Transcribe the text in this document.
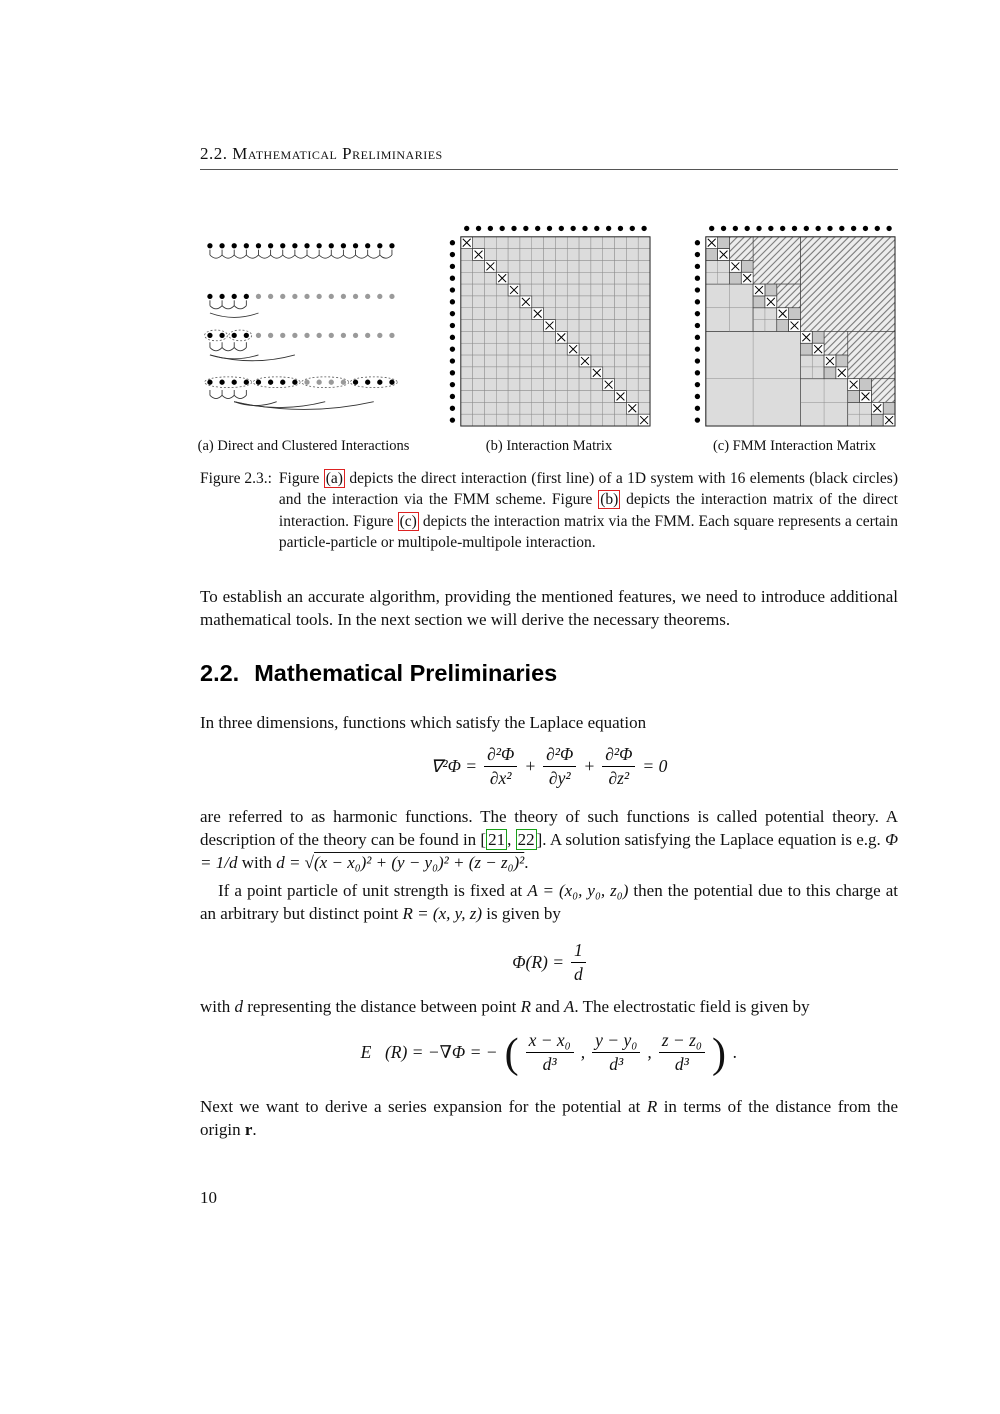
2.2. Mathematical Preliminaries
(a) Direct and Clustered Interactions	(b) Interaction Matrix	(c) FMM Interaction Matrix
Figure 2.3.: Figure (a) depicts the direct interaction (first line) of a 1D system with 16 elements (black circles) and the interaction via the FMM scheme. Figure (b) depicts the interaction matrix of the direct interaction. Figure (c) depicts the interaction matrix via the FMM. Each square represents a certain particle-particle or multipole-multipole interaction.

To establish an accurate algorithm, providing the mentioned features, we need to introduce additional mathematical tools. In the next section we will derive the necessary theorems.

2.2. Mathematical Preliminaries

In three dimensions, functions which satisfy the Laplace equation

$\nabla^2\Phi = \frac{\text{∂²Φ}}{\text{∂x²}} + \frac{\text{∂²Φ}}{\text{∂y²}} + \frac{\text{∂²Φ}}{\text{∂z²}} = 0$

are referred to as harmonic functions. The theory of such functions is called potential theory. A description of the theory can be found in [ 21 , 22 ]. A solution satisfying the Laplace equation is e.g. Φ = 1/d with d = √(x − x₀)² + (y − y₀)² + (z − z₀)².

If a point particle of unit strength is fixed at A = (x₀, y₀, z₀) then the potential due to this charge at an arbitrary but distinct point R = (x, y, z) is given by

$\Phi(R) = \frac{1}{d}$

with d representing the distance between point R and A. The electrostatic field is given by

E⃗(R) = −∇Φ = − ( $\frac{\text{x − x₀}}{\text{d³}}$ , $\frac{\text{y − y₀}}{\text{d³}}$ , $\frac{\text{z − z₀}}{\text{d³}}$ ) .

Next we want to derive a series expansion for the potential at R in terms of the distance from the origin r.

10
